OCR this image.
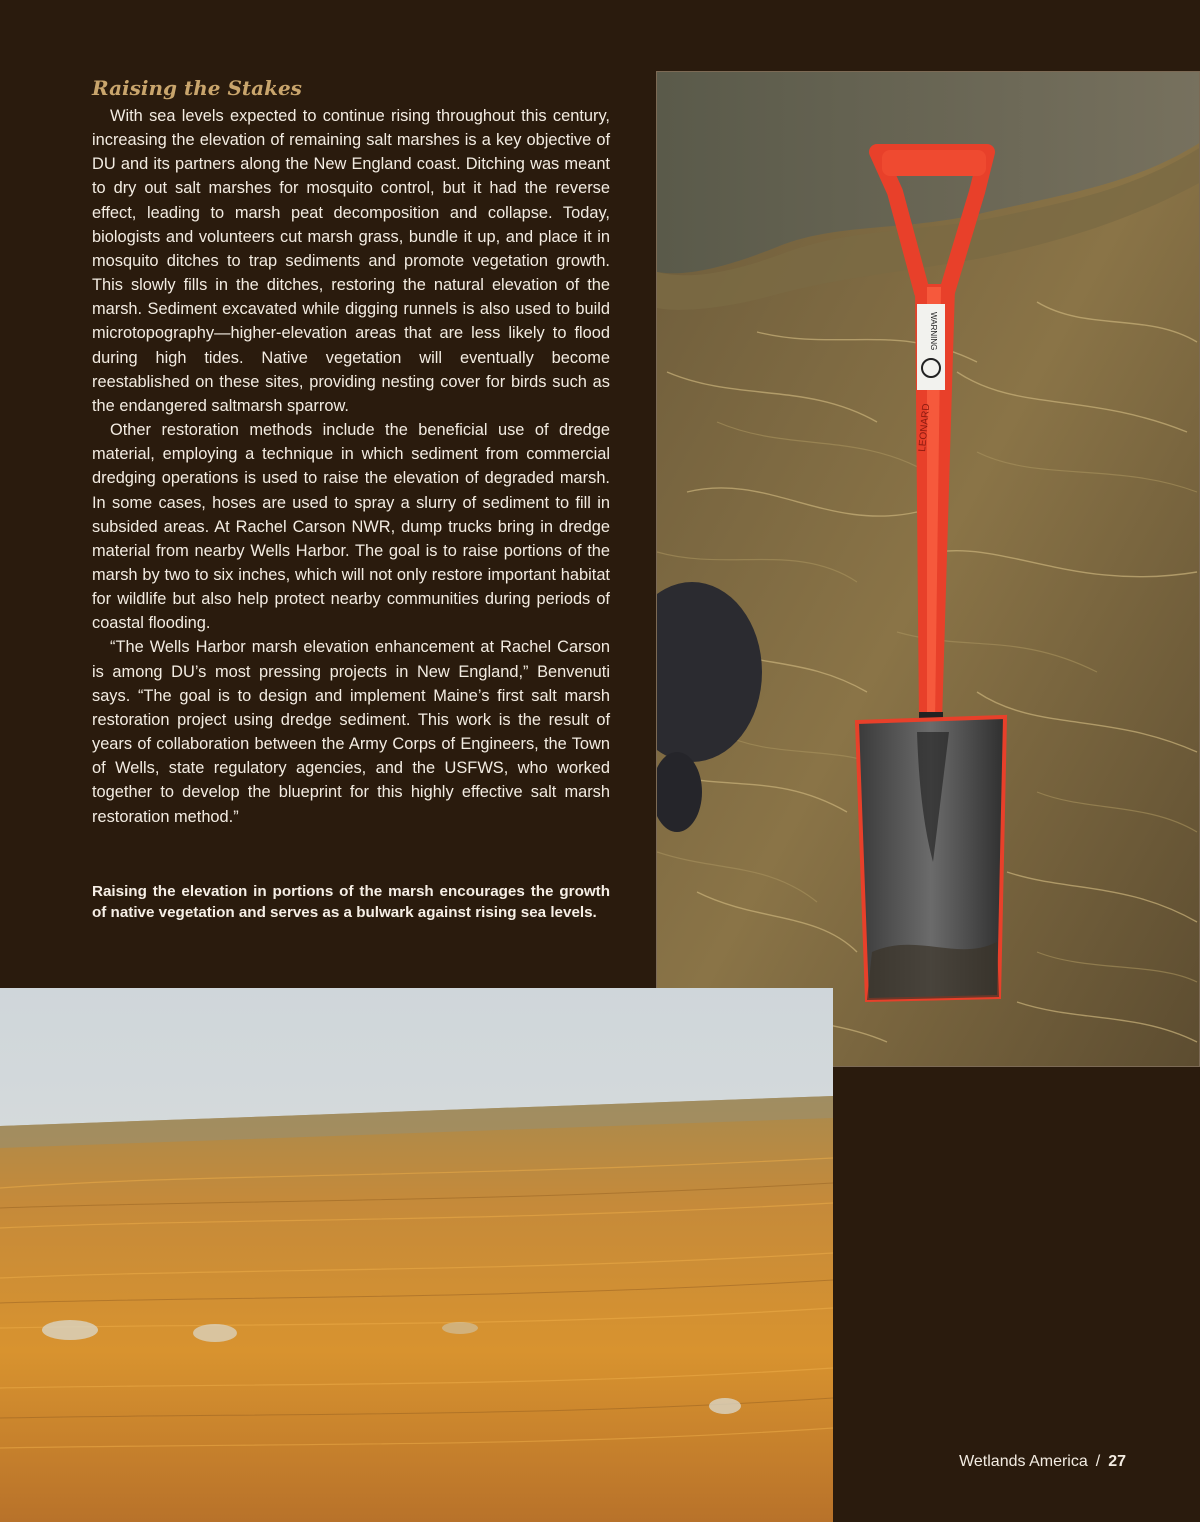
Raising the Stakes

With sea levels expected to continue rising throughout this century, increasing the elevation of remaining salt marshes is a key objective of DU and its partners along the New England coast. Ditching was meant to dry out salt marshes for mosquito control, but it had the reverse effect, leading to marsh peat decomposition and collapse. Today, biologists and volunteers cut marsh grass, bundle it up, and place it in mosquito ditches to trap sediments and promote vegetation growth. This slowly fills in the ditches, restoring the natural elevation of the marsh. Sediment excavated while digging runnels is also used to build microtopography—higher-elevation areas that are less likely to flood during high tides. Native vegetation will eventually become reestablished on these sites, providing nesting cover for birds such as the endangered saltmarsh sparrow.

Other restoration methods include the beneficial use of dredge material, employing a technique in which sediment from commercial dredging operations is used to raise the elevation of degraded marsh. In some cases, hoses are used to spray a slurry of sediment to fill in subsided areas. At Rachel Carson NWR, dump trucks bring in dredge material from nearby Wells Harbor. The goal is to raise portions of the marsh by two to six inches, which will not only restore important habitat for wildlife but also help protect nearby communities during periods of coastal flooding.

“The Wells Harbor marsh elevation enhancement at Rachel Carson is among DU’s most pressing projects in New England,” Benvenuti says. “The goal is to design and implement Maine’s first salt marsh restoration project using dredge sediment. This work is the result of years of collaboration between the Army Corps of Engineers, the Town of Wells, state regulatory agencies, and the USFWS, who worked together to develop the blueprint for this highly effective salt marsh restoration method.”

Raising the elevation in portions of the marsh encourages the growth of native vegetation and serves as a bulwark against rising sea levels.

WARNING
LEONARD
Wetlands America / 27
